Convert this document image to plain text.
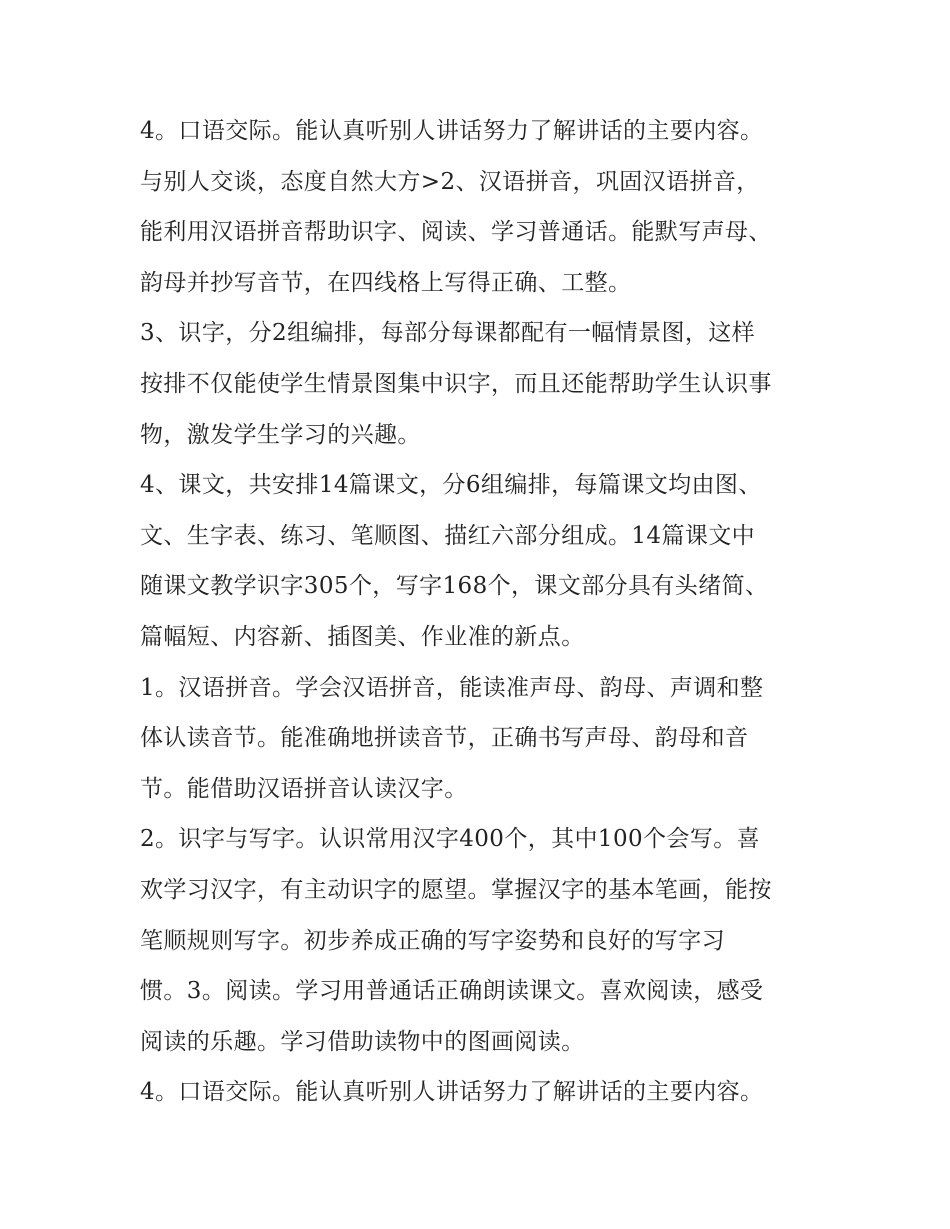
4。口语交际。能认真听别人讲话努力了解讲话的主要内容。
与别人交谈，态度自然大方>2、汉语拼音，巩固汉语拼音，
能利用汉语拼音帮助识字、阅读、学习普通话。能默写声母、
韵母并抄写音节，在四线格上写得正确、工整。
3、识字，分2组编排，每部分每课都配有一幅情景图，这样
按排不仅能使学生情景图集中识字，而且还能帮助学生认识事
物，激发学生学习的兴趣。
4、课文，共安排14篇课文，分6组编排，每篇课文均由图、
文、生字表、练习、笔顺图、描红六部分组成。14篇课文中
随课文教学识字305个，写字168个，课文部分具有头绪简、
篇幅短、内容新、插图美、作业准的新点。
1。汉语拼音。学会汉语拼音，能读准声母、韵母、声调和整
体认读音节。能准确地拼读音节，正确书写声母、韵母和音
节。能借助汉语拼音认读汉字。
2。识字与写字。认识常用汉字400个，其中100个会写。喜
欢学习汉字，有主动识字的愿望。掌握汉字的基本笔画，能按
笔顺规则写字。初步养成正确的写字姿势和良好的写字习
惯。3。阅读。学习用普通话正确朗读课文。喜欢阅读，感受
阅读的乐趣。学习借助读物中的图画阅读。
4。口语交际。能认真听别人讲话努力了解讲话的主要内容。
